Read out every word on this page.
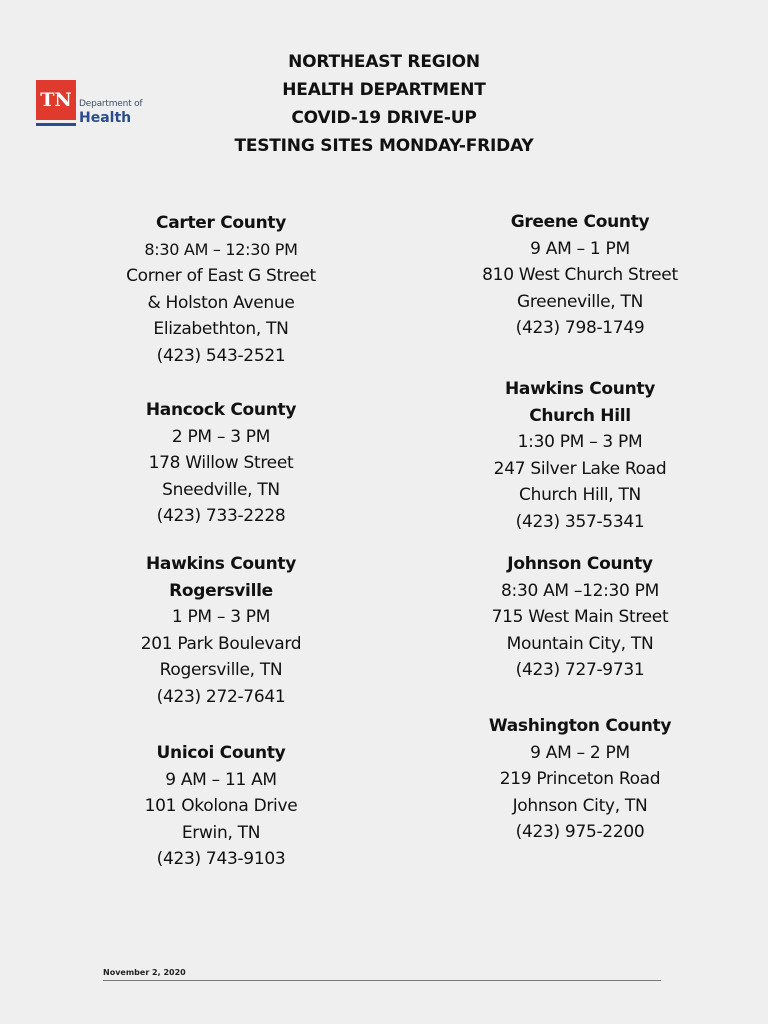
TN Department of
Health
NORTHEAST REGION
HEALTH DEPARTMENT
COVID-19 DRIVE-UP
TESTING SITES MONDAY-FRIDAY
Carter County
8:30 AM – 12:30 PM
Corner of East G Street
& Holston Avenue
Elizabethton, TN
(423) 543-2521
Hancock County
2 PM – 3 PM
178 Willow Street
Sneedville, TN
(423) 733-2228
Hawkins County
Rogersville
1 PM – 3 PM
201 Park Boulevard
Rogersville, TN
(423) 272-7641
Unicoi County
9 AM – 11 AM
101 Okolona Drive
Erwin, TN
(423) 743-9103
Greene County
9 AM – 1 PM
810 West Church Street
Greeneville, TN
(423) 798-1749
Hawkins County
Church Hill
1:30 PM – 3 PM
247 Silver Lake Road
Church Hill, TN
(423) 357-5341
Johnson County
8:30 AM –12:30 PM
715 West Main Street
Mountain City, TN
(423) 727-9731
Washington County
9 AM – 2 PM
219 Princeton Road
Johnson City, TN
(423) 975-2200
November 2, 2020
